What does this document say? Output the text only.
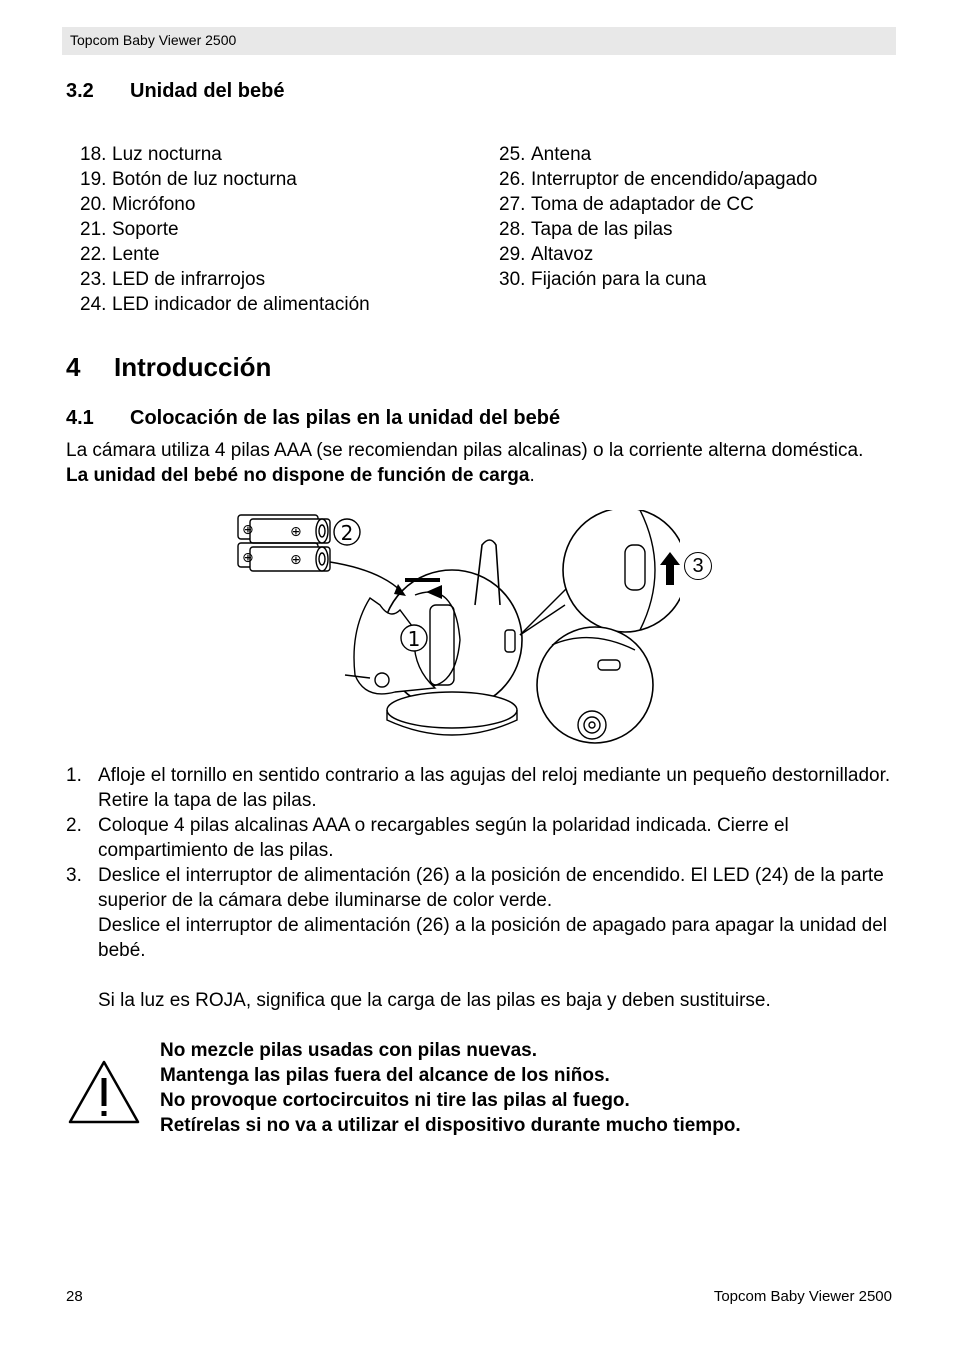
Topcom Baby Viewer 2500
3.2 Unidad del bebé
18. Luz nocturna
19. Botón de luz nocturna
20. Micrófono
21. Soporte
22. Lente
23. LED de infrarrojos
24. LED indicador de alimentación
25. Antena
26. Interruptor de encendido/apagado
27. Toma de adaptador de CC
28. Tapa de las pilas
29. Altavoz
30. Fijación para la cuna
4 Introducción
4.1 Colocación de las pilas en la unidad del bebé
La cámara utiliza 4 pilas AAA (se recomiendan pilas alcalinas) o la corriente alterna doméstica. La unidad del bebé no dispone de función de carga.
⊕	⊕
⊕	⊕
2
1
3
1. Afloje el tornillo en sentido contrario a las agujas del reloj mediante un pequeño destornillador. Retire la tapa de las pilas.
2. Coloque 4 pilas alcalinas AAA o recargables según la polaridad indicada. Cierre el compartimiento de las pilas.
3. Deslice el interruptor de alimentación (26) a la posición de encendido. El LED (24) de la parte superior de la cámara debe iluminarse de color verde.
Deslice el interruptor de alimentación (26) a la posición de apagado para apagar la unidad del bebé.
Si la luz es ROJA, significa que la carga de las pilas es baja y deben sustituirse.
No mezcle pilas usadas con pilas nuevas.
Mantenga las pilas fuera del alcance de los niños.
No provoque cortocircuitos ni tire las pilas al fuego.
Retírelas si no va a utilizar el dispositivo durante mucho tiempo.
28	Topcom Baby Viewer 2500
